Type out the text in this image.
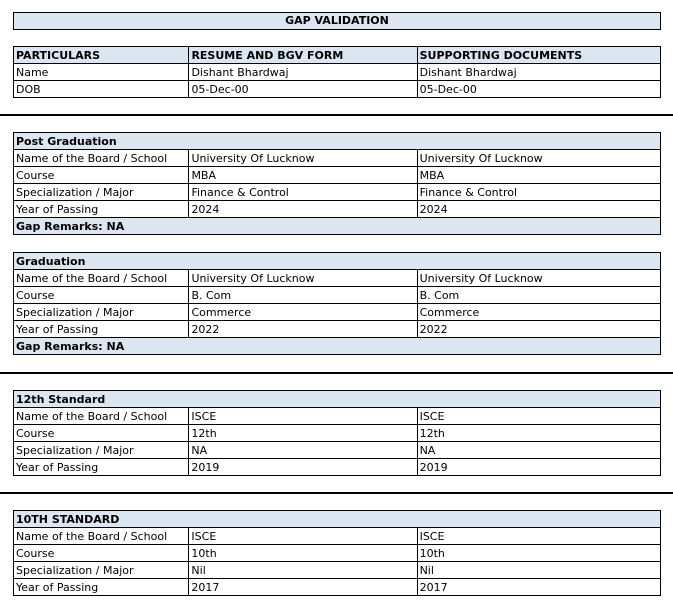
GAP VALIDATION
PARTICULARS	RESUME AND BGV FORM	SUPPORTING DOCUMENTS
Name	Dishant Bhardwaj	Dishant Bhardwaj
DOB	05-Dec-00	05-Dec-00
Post Graduation		
Name of the Board / School	University Of Lucknow	University Of Lucknow
Course	MBA	MBA
Specialization / Major	Finance & Control	Finance & Control
Year of Passing	2024	2024
Gap Remarks: NA		
Graduation		
Name of the Board / School	University Of Lucknow	University Of Lucknow
Course	B. Com	B. Com
Specialization / Major	Commerce	Commerce
Year of Passing	2022	2022
Gap Remarks: NA		
12th Standard		
Name of the Board / School	ISCE	ISCE
Course	12th	12th
Specialization / Major	NA	NA
Year of Passing	2019	2019
10TH STANDARD		
Name of the Board / School	ISCE	ISCE
Course	10th	10th
Specialization / Major	Nil	Nil
Year of Passing	2017	2017
